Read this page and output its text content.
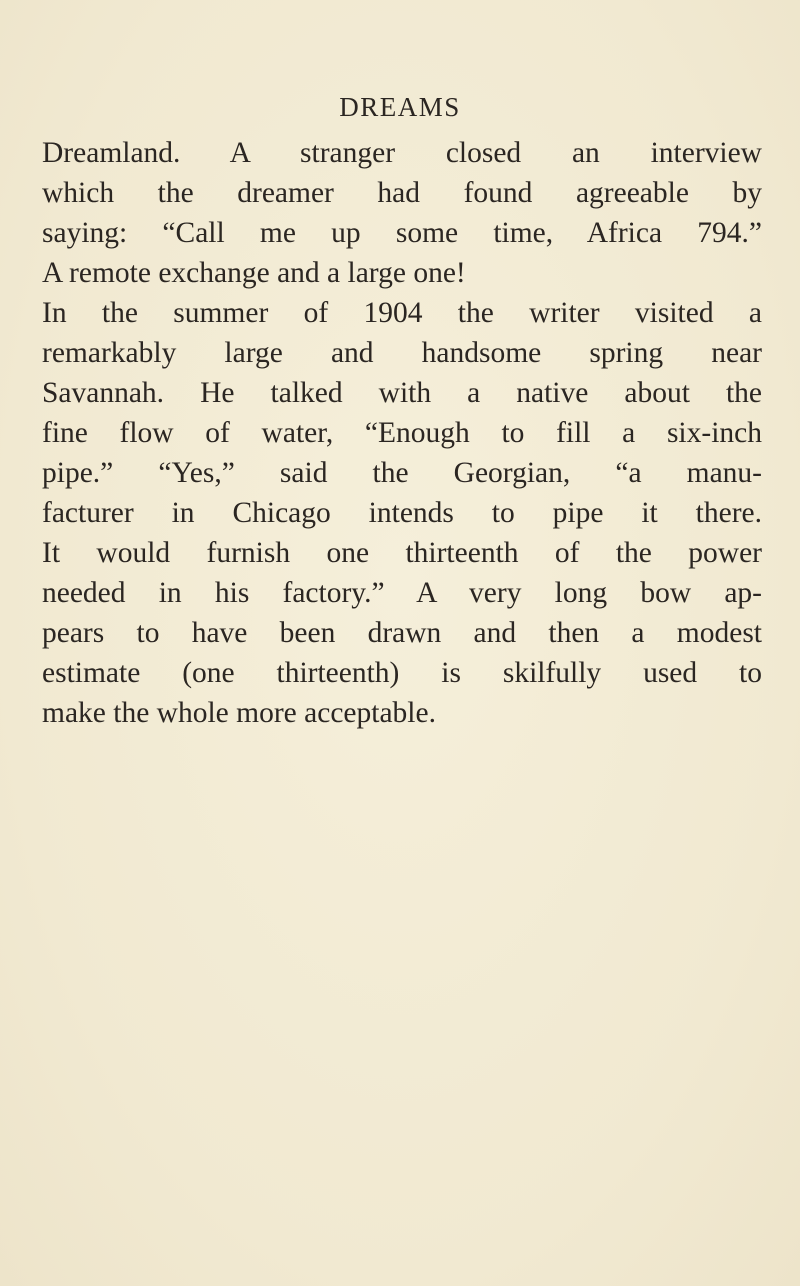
DREAMS
Dreamland. A stranger closed an interview
which the dreamer had found agreeable by
saying: “Call me up some time, Africa 794.”
A remote exchange and a large one!
In the summer of 1904 the writer visited a
remarkably large and handsome spring near
Savannah. He talked with a native about the
fine flow of water, “Enough to fill a six-inch
pipe.” “Yes,” said the Georgian, “a manu-
facturer in Chicago intends to pipe it there.
It would furnish one thirteenth of the power
needed in his factory.” A very long bow ap-
pears to have been drawn and then a modest
estimate (one thirteenth) is skilfully used to
make the whole more acceptable.
